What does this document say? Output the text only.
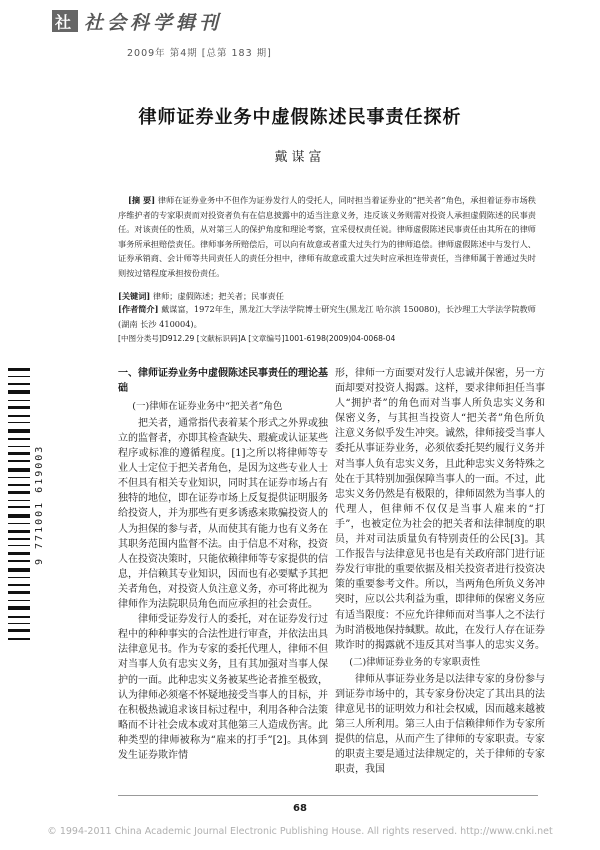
社 社会科学辑刊
2009年 第4期 [总第 183 期]
律师证券业务中虚假陈述民事责任探析
戴谋富
[摘 要] 律师在证券业务中不但作为证券发行人的受托人，同时担当着证券业的“把关者”角色，承担着证券市场秩序维护者的专家职责而对投资者负有在信息披露中的适当注意义务，违反该义务则需对投资人承担虚假陈述的民事责任。对该责任的性质，从对第三人的保护角度和理论考察，宜采侵权责任说。律师虚假陈述民事责任由其所在的律师事务所承担赔偿责任。律师事务所赔偿后，可以向有故意或者重大过失行为的律师追偿。律师虚假陈述中与发行人、证券承销商、会计师等共同责任人的责任分担中，律师有故意或重大过失时应承担连带责任，当律师属于普通过失时则按过错程度承担按份责任。
[关键词] 律师；虚假陈述；把关者；民事责任
[作者简介] 戴谋富，1972年生，黑龙江大学法学院博士研究生(黑龙江 哈尔滨 150080)，长沙理工大学法学院教师(湖南 长沙 410004)。
[中图分类号]D912.29 [文献标识码]A [文章编号]1001-6198(2009)04-0068-04
9 771001 619003
一、律师证券业务中虚假陈述民事责任的理论基础
(一)律师在证券业务中“把关者”角色

把关者，通常指代表着某个形式之外界或独立的监督者，亦即其检查缺失、瑕疵或认证某些程序或标准的遵循程度。[1]之所以将律师等专业人士定位于把关者角色，是因为这些专业人士不但具有相关专业知识，同时其在证券市场占有独特的地位，即在证券市场上反复提供证明服务给投资人，并为那些有更多诱惑来欺骗投资人的人为担保的参与者，从而使其有能力也有义务在其职务范围内监督不法。由于信息不对称，投资人在投资决策时，只能依赖律师等专家提供的信息，并信赖其专业知识，因而也有必要赋予其把关者角色，对投资人负注意义务，亦可将此视为律师作为法院职员角色而应承担的社会责任。

律师受证券发行人的委托，对在证券发行过程中的种种事实的合法性进行审查，并依法出具法律意见书。作为专家的委托代理人，律师不但对当事人负有忠实义务，且有其加强对当事人保护的一面。此种忠实义务被某些论者推至极致，认为律师必须毫不怀疑地接受当事人的目标，并在积极热诚追求该目标过程中，利用各种合法策略而不计社会成本或对其他第三人造成伤害。此种类型的律师被称为“雇来的打手”[2]。具体到发生证券欺诈情

形，律师一方面要对发行人忠诚并保密，另一方面却要对投资人揭露。这样，要求律师担任当事人“拥护者”的角色而对当事人所负忠实义务和保密义务，与其担当投资人“把关者”角色所负注意义务似乎发生冲突。诚然，律师接受当事人委托从事证券业务，必须依委托契约履行义务并对当事人负有忠实义务，且此种忠实义务特殊之处在于其特别加强保障当事人的一面。不过，此忠实义务仍然是有极限的，律师固然为当事人的代理人，但律师不仅仅是当事人雇来的“打手”，也被定位为社会的把关者和法律制度的职员，并对司法质量负有特别责任的公民[3]。其工作报告与法律意见书也是有关政府部门进行证券发行审批的重要依据及相关投资者进行投资决策的重要参考文件。所以，当两角色所负义务冲突时，应以公共利益为重，即律师的保密义务应有适当限度：不应允许律师而对当事人之不法行为时消极地保持缄默。故此，在发行人存在证券欺诈时的揭露就不违反其对当事人的忠实义务。

(二)律师证券业务的专家职责性

律师从事证券业务是以法律专家的身份参与到证券市场中的，其专家身份决定了其出具的法律意见书的证明效力和社会权威，因而越来越被第三人所利用。第三人由于信赖律师作为专家所提供的信息，从而产生了律师的专家职责。专家的职责主要是通过法律规定的，关于律师的专家职责，我国

68
© 1994-2011 China Academic Journal Electronic Publishing House. All rights reserved. http://www.cnki.net
